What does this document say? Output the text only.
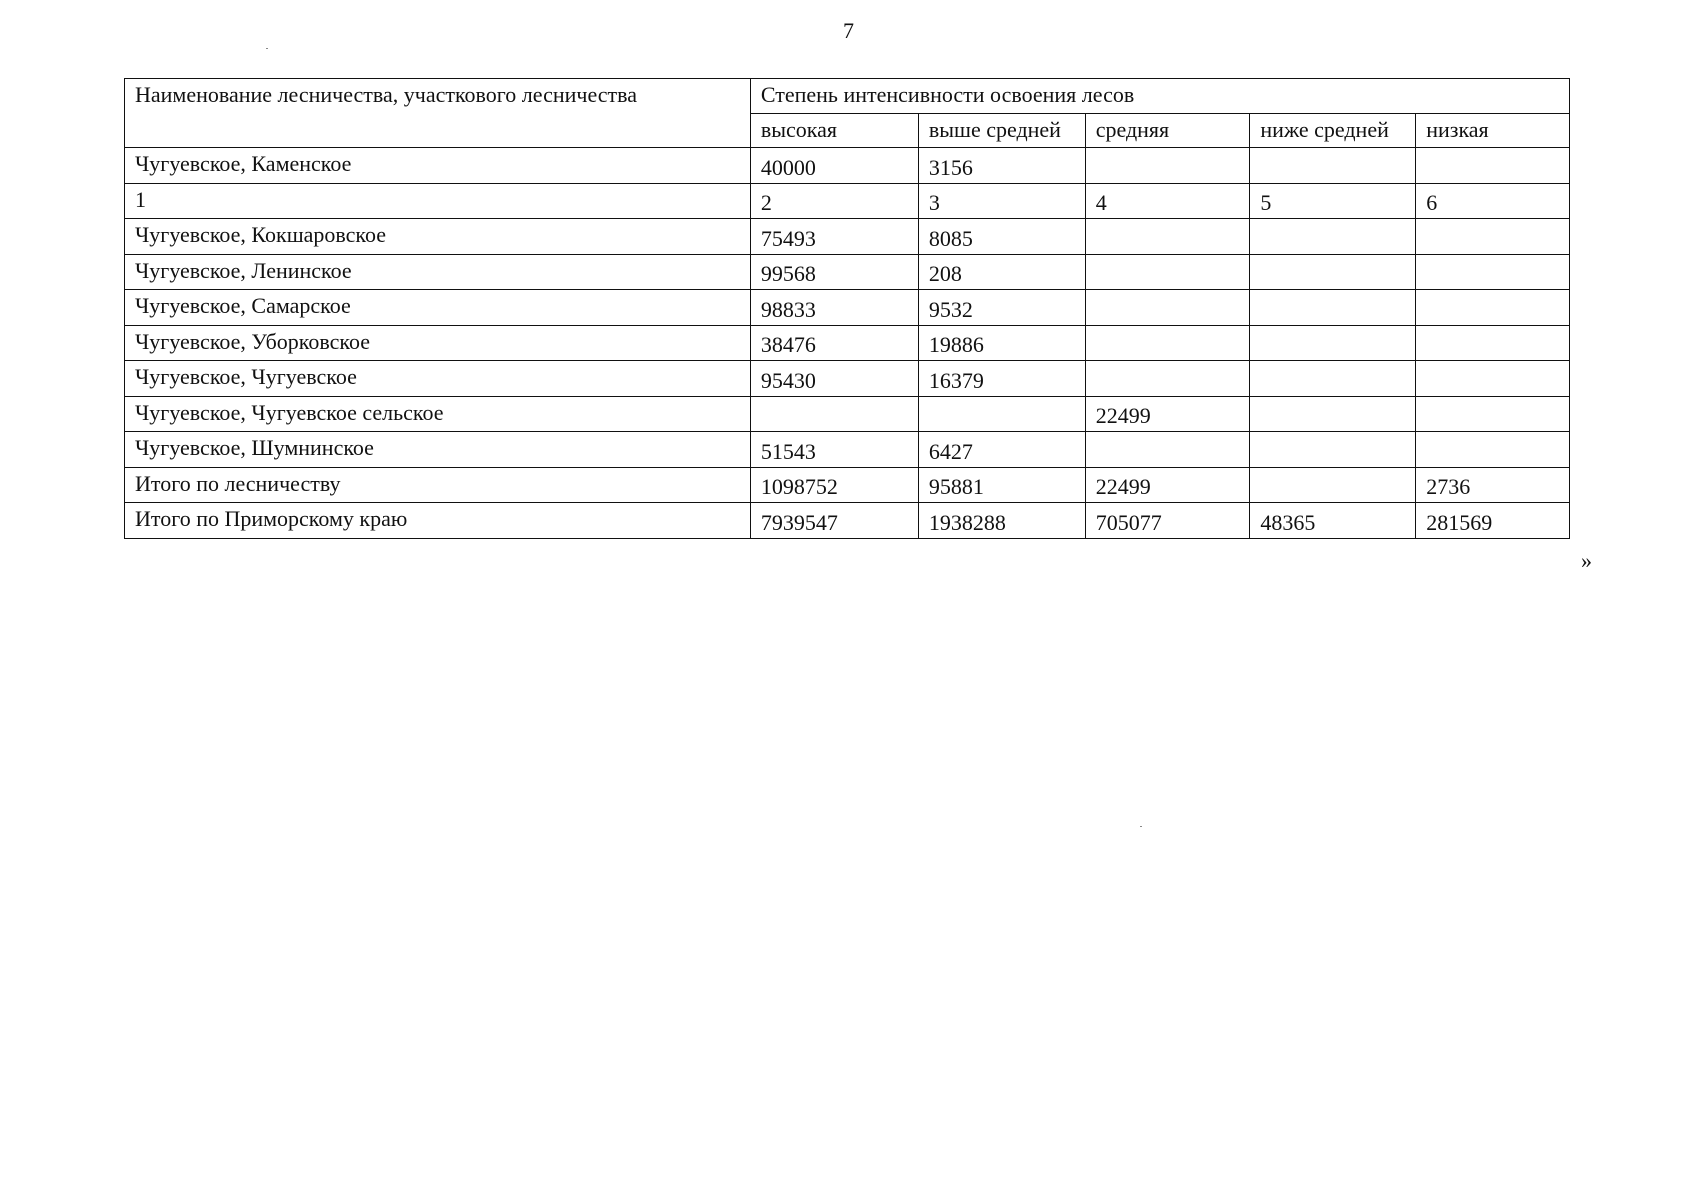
7
Наименование лесничества, участкового лесничества	Степень интенсивности освоения лесов				
	высокая	выше средней	средняя	ниже средней	низкая
Чугуевское, Каменское	40000	3156			
1	2	3	4	5	6
Чугуевское, Кокшаровское	75493	8085			
Чугуевское, Ленинское	99568	208			
Чугуевское, Самарское	98833	9532			
Чугуевское, Уборковское	38476	19886			
Чугуевское, Чугуевское	95430	16379			
Чугуевское, Чугуевское сельское			22499		
Чугуевское, Шумнинское	51543	6427			
Итого по лесничеству	1098752	95881	22499		2736
Итого по Приморскому краю	7939547	1938288	705077	48365	281569
»
